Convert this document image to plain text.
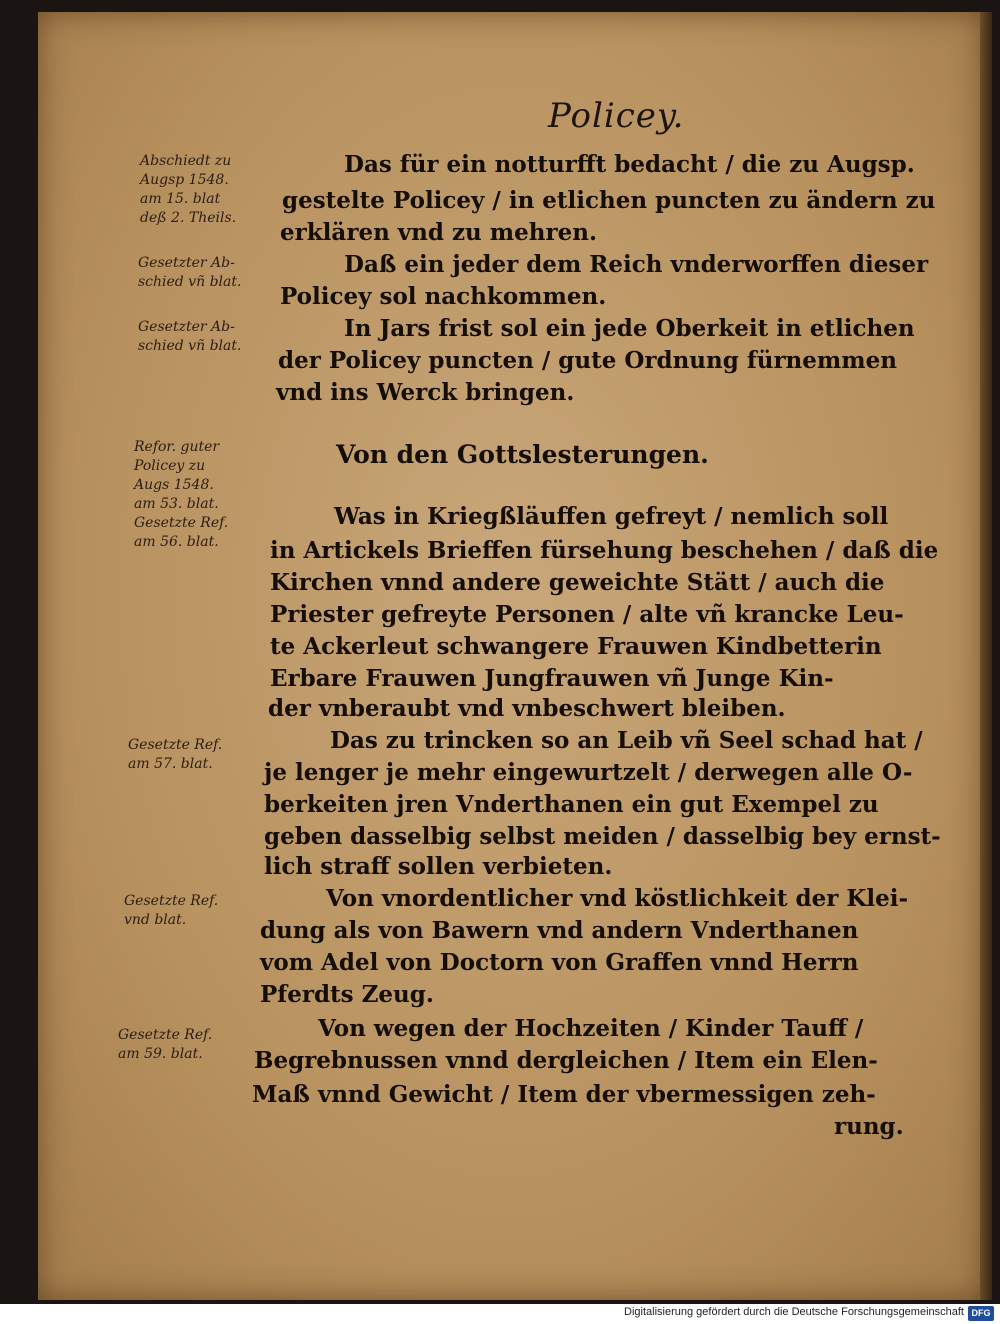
Policey.
Abschiedt zu
Augsp 1548.
am 15. blat
deß 2. Theils.
Gesetzter Ab-
schied vñ blat.
Gesetzter Ab-
schied vñ blat.
Refor. guter
Policey zu
Augs 1548.
am 53. blat.
Gesetzte Ref.
am 56. blat.
Gesetzte Ref.
am 57. blat.
Gesetzte Ref.
vnd blat.
Gesetzte Ref.
am 59. blat.
Von den Gottslesterungen.
Das für ein notturfft bedacht / die zu Augsp.
gestelte Policey / in etlichen puncten zu ändern zu
erklären vnd zu mehren.
Daß ein jeder dem Reich vnderworffen dieser
Policey sol nachkommen.
In Jars frist sol ein jede Oberkeit in etlichen
der Policey puncten / gute Ordnung fürnemmen
vnd ins Werck bringen.
Was in Kriegßläuffen gefreyt / nemlich soll
in Artickels Brieffen fürsehung beschehen / daß die
Kirchen vnnd andere geweichte Stätt / auch die
Priester gefreyte Personen / alte vñ krancke Leu-
te Ackerleut schwangere Frauwen Kindbetterin
Erbare Frauwen Jungfrauwen vñ Junge Kin-
der vnberaubt vnd vnbeschwert bleiben.
Das zu trincken so an Leib vñ Seel schad hat /
je lenger je mehr eingewurtzelt / derwegen alle O-
berkeiten jren Vnderthanen ein gut Exempel zu
geben dasselbig selbst meiden / dasselbig bey ernst-
lich straff sollen verbieten.
Von vnordentlicher vnd köstlichkeit der Klei-
dung als von Bawern vnd andern Vnderthanen
vom Adel von Doctorn von Graffen vnnd Herrn
Pferdts Zeug.
Von wegen der Hochzeiten / Kinder Tauff /
Begrebnussen vnnd dergleichen / Item ein Elen-
Maß vnnd Gewicht / Item der vbermessigen zeh-
rung.
Digitalisierung gefördert durch die Deutsche Forschungsgemeinschaft DFG
